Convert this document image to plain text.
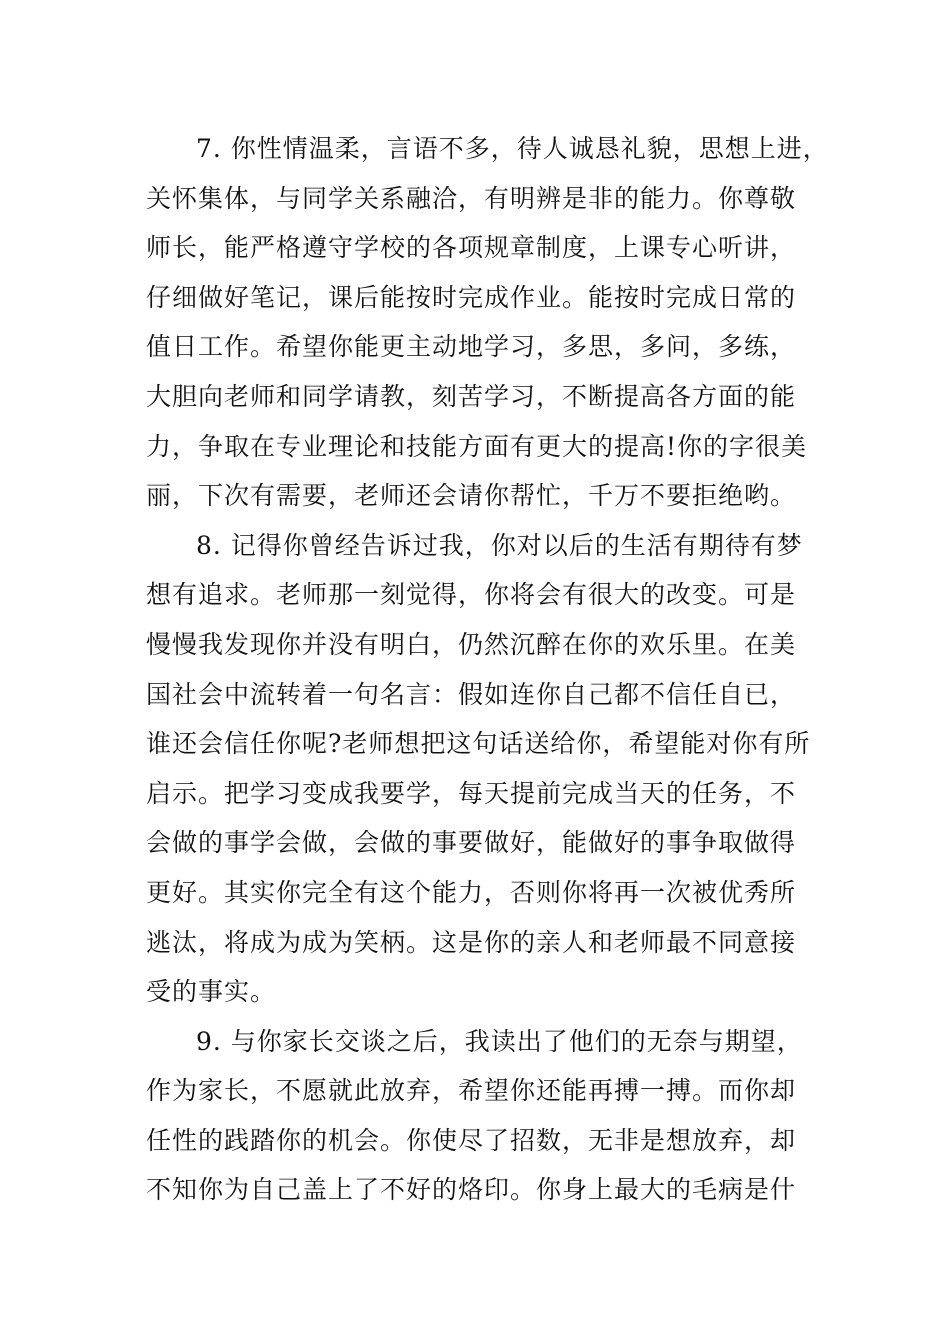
7. 你性情温柔，言语不多，待人诚恳礼貌，思想上进，
关怀集体，与同学关系融洽，有明辨是非的能力。你尊敬
师长，能严格遵守学校的各项规章制度，上课专心听讲，
仔细做好笔记，课后能按时完成作业。能按时完成日常的
值日工作。希望你能更主动地学习，多思，多问，多练，
大胆向老师和同学请教，刻苦学习，不断提高各方面的能
力，争取在专业理论和技能方面有更大的提高!你的字很美
丽，下次有需要，老师还会请你帮忙，千万不要拒绝哟。
8. 记得你曾经告诉过我，你对以后的生活有期待有梦
想有追求。老师那一刻觉得，你将会有很大的改变。可是
慢慢我发现你并没有明白，仍然沉醉在你的欢乐里。在美
国社会中流转着一句名言：假如连你自己都不信任自已，
谁还会信任你呢?老师想把这句话送给你，希望能对你有所
启示。把学习变成我要学，每天提前完成当天的任务，不
会做的事学会做，会做的事要做好，能做好的事争取做得
更好。其实你完全有这个能力，否则你将再一次被优秀所
逃汰，将成为成为笑柄。这是你的亲人和老师最不同意接
受的事实。
9. 与你家长交谈之后，我读出了他们的无奈与期望，
作为家长，不愿就此放弃，希望你还能再搏一搏。而你却
任性的践踏你的机会。你使尽了招数，无非是想放弃，却
不知你为自己盖上了不好的烙印。你身上最大的毛病是什
